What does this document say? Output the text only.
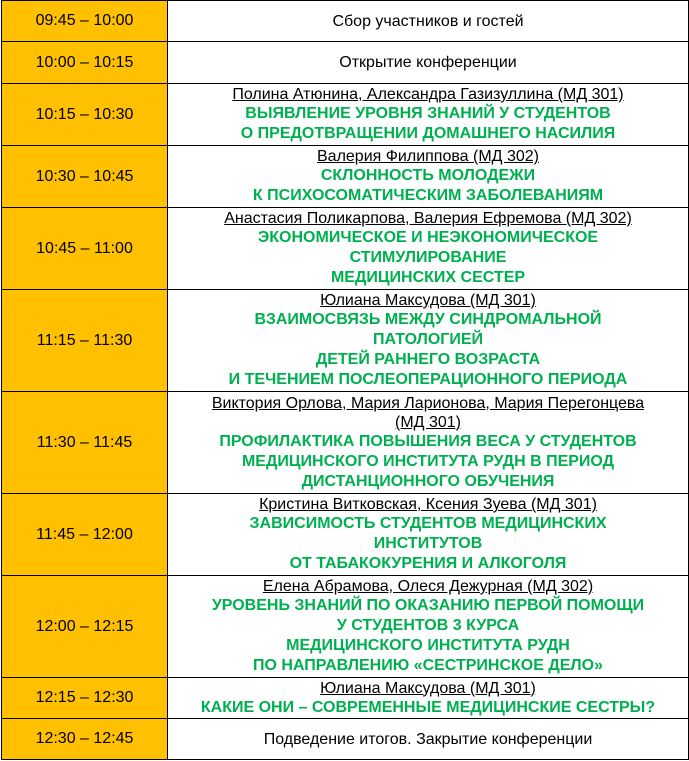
09:45 – 10:00	Сбор участников и гостей

10:00 – 10:15	Открытие конференции

10:15 – 10:30	Полина Атюнина, Александра Газизуллина (МД 301)
ВЫЯВЛЕНИЕ УРОВНЯ ЗНАНИЙ У СТУДЕНТОВ
О ПРЕДОТВРАЩЕНИИ ДОМАШНЕГО НАСИЛИЯ

10:30 – 10:45	Валерия Филиппова (МД 302)
СКЛОННОСТЬ МОЛОДЕЖИ
К ПСИХОСОМАТИЧЕСКИМ ЗАБОЛЕВАНИЯМ

10:45 – 11:00	Анастасия Поликарпова, Валерия Ефремова (МД 302)
ЭКОНОМИЧЕСКОЕ И НЕЭКОНОМИЧЕСКОЕ
СТИМУЛИРОВАНИЕ
МЕДИЦИНСКИХ СЕСТЕР

11:15 – 11:30	Юлиана Максудова (МД 301)
ВЗАИМОСВЯЗЬ МЕЖДУ СИНДРОМАЛЬНОЙ
ПАТОЛОГИЕЙ
ДЕТЕЙ РАННЕГО ВОЗРАСТА
И ТЕЧЕНИЕМ ПОСЛЕОПЕРАЦИОННОГО ПЕРИОДА

11:30 – 11:45	Виктория Орлова, Мария Ларионова, Мария Перегонцева
(МД 301)
ПРОФИЛАКТИКА ПОВЫШЕНИЯ ВЕСА У СТУДЕНТОВ
МЕДИЦИНСКОГО ИНСТИТУТА РУДН В ПЕРИОД
ДИСТАНЦИОННОГО ОБУЧЕНИЯ

11:45 – 12:00	Кристина Витковская, Ксения Зуева (МД 301)
ЗАВИСИМОСТЬ СТУДЕНТОВ МЕДИЦИНСКИХ
ИНСТИТУТОВ
ОТ ТАБАКОКУРЕНИЯ И АЛКОГОЛЯ

12:00 – 12:15	Елена Абрамова, Олеся Дежурная (МД 302)
УРОВЕНЬ ЗНАНИЙ ПО ОКАЗАНИЮ ПЕРВОЙ ПОМОЩИ
У СТУДЕНТОВ 3 КУРСА
МЕДИЦИНСКОГО ИНСТИТУТА РУДН
ПО НАПРАВЛЕНИЮ «СЕСТРИНСКОЕ ДЕЛО»

12:15 – 12:30	Юлиана Максудова (МД 301)
КАКИЕ ОНИ – СОВРЕМЕННЫЕ МЕДИЦИНСКИЕ СЕСТРЫ?

12:30 – 12:45	Подведение итогов. Закрытие конференции
